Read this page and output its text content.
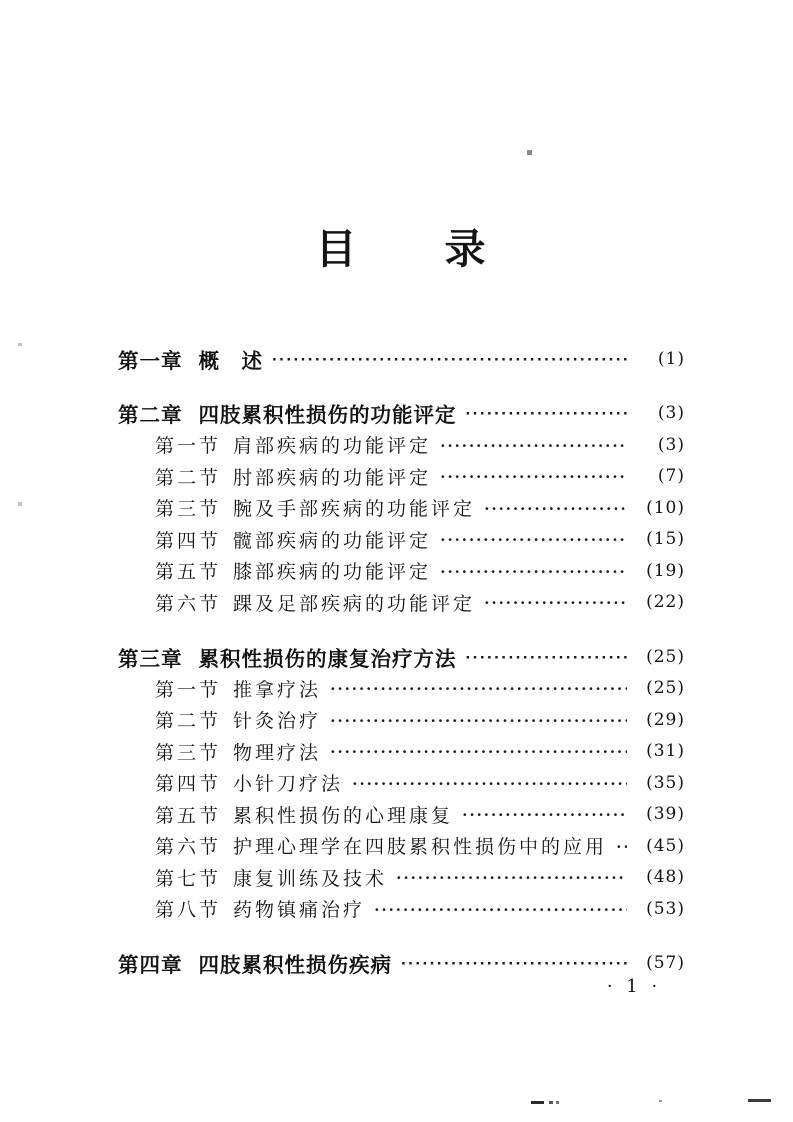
目　　录
第一章 概　述 ·····	(1)
第二章 四肢累积性损伤的功能评定 ·····	(3)
第一节 肩部疾病的功能评定 ·····	(3)
第二节 肘部疾病的功能评定 ·····	(7)
第三节 腕及手部疾病的功能评定 ·····	(10)
第四节 髋部疾病的功能评定 ·····	(15)
第五节 膝部疾病的功能评定 ·····	(19)
第六节 踝及足部疾病的功能评定 ·····	(22)
第三章 累积性损伤的康复治疗方法 ·····	(25)
第一节 推拿疗法 ·····	(25)
第二节 针灸治疗 ·····	(29)
第三节 物理疗法 ·····	(31)
第四节 小针刀疗法 ·····	(35)
第五节 累积性损伤的心理康复 ·····	(39)
第六节 护理心理学在四肢累积性损伤中的应用 ·····	(45)
第七节 康复训练及技术 ·····	(48)
第八节 药物镇痛治疗 ·····	(53)
第四章 四肢累积性损伤疾病 ·····	(57)
· 1 ·
